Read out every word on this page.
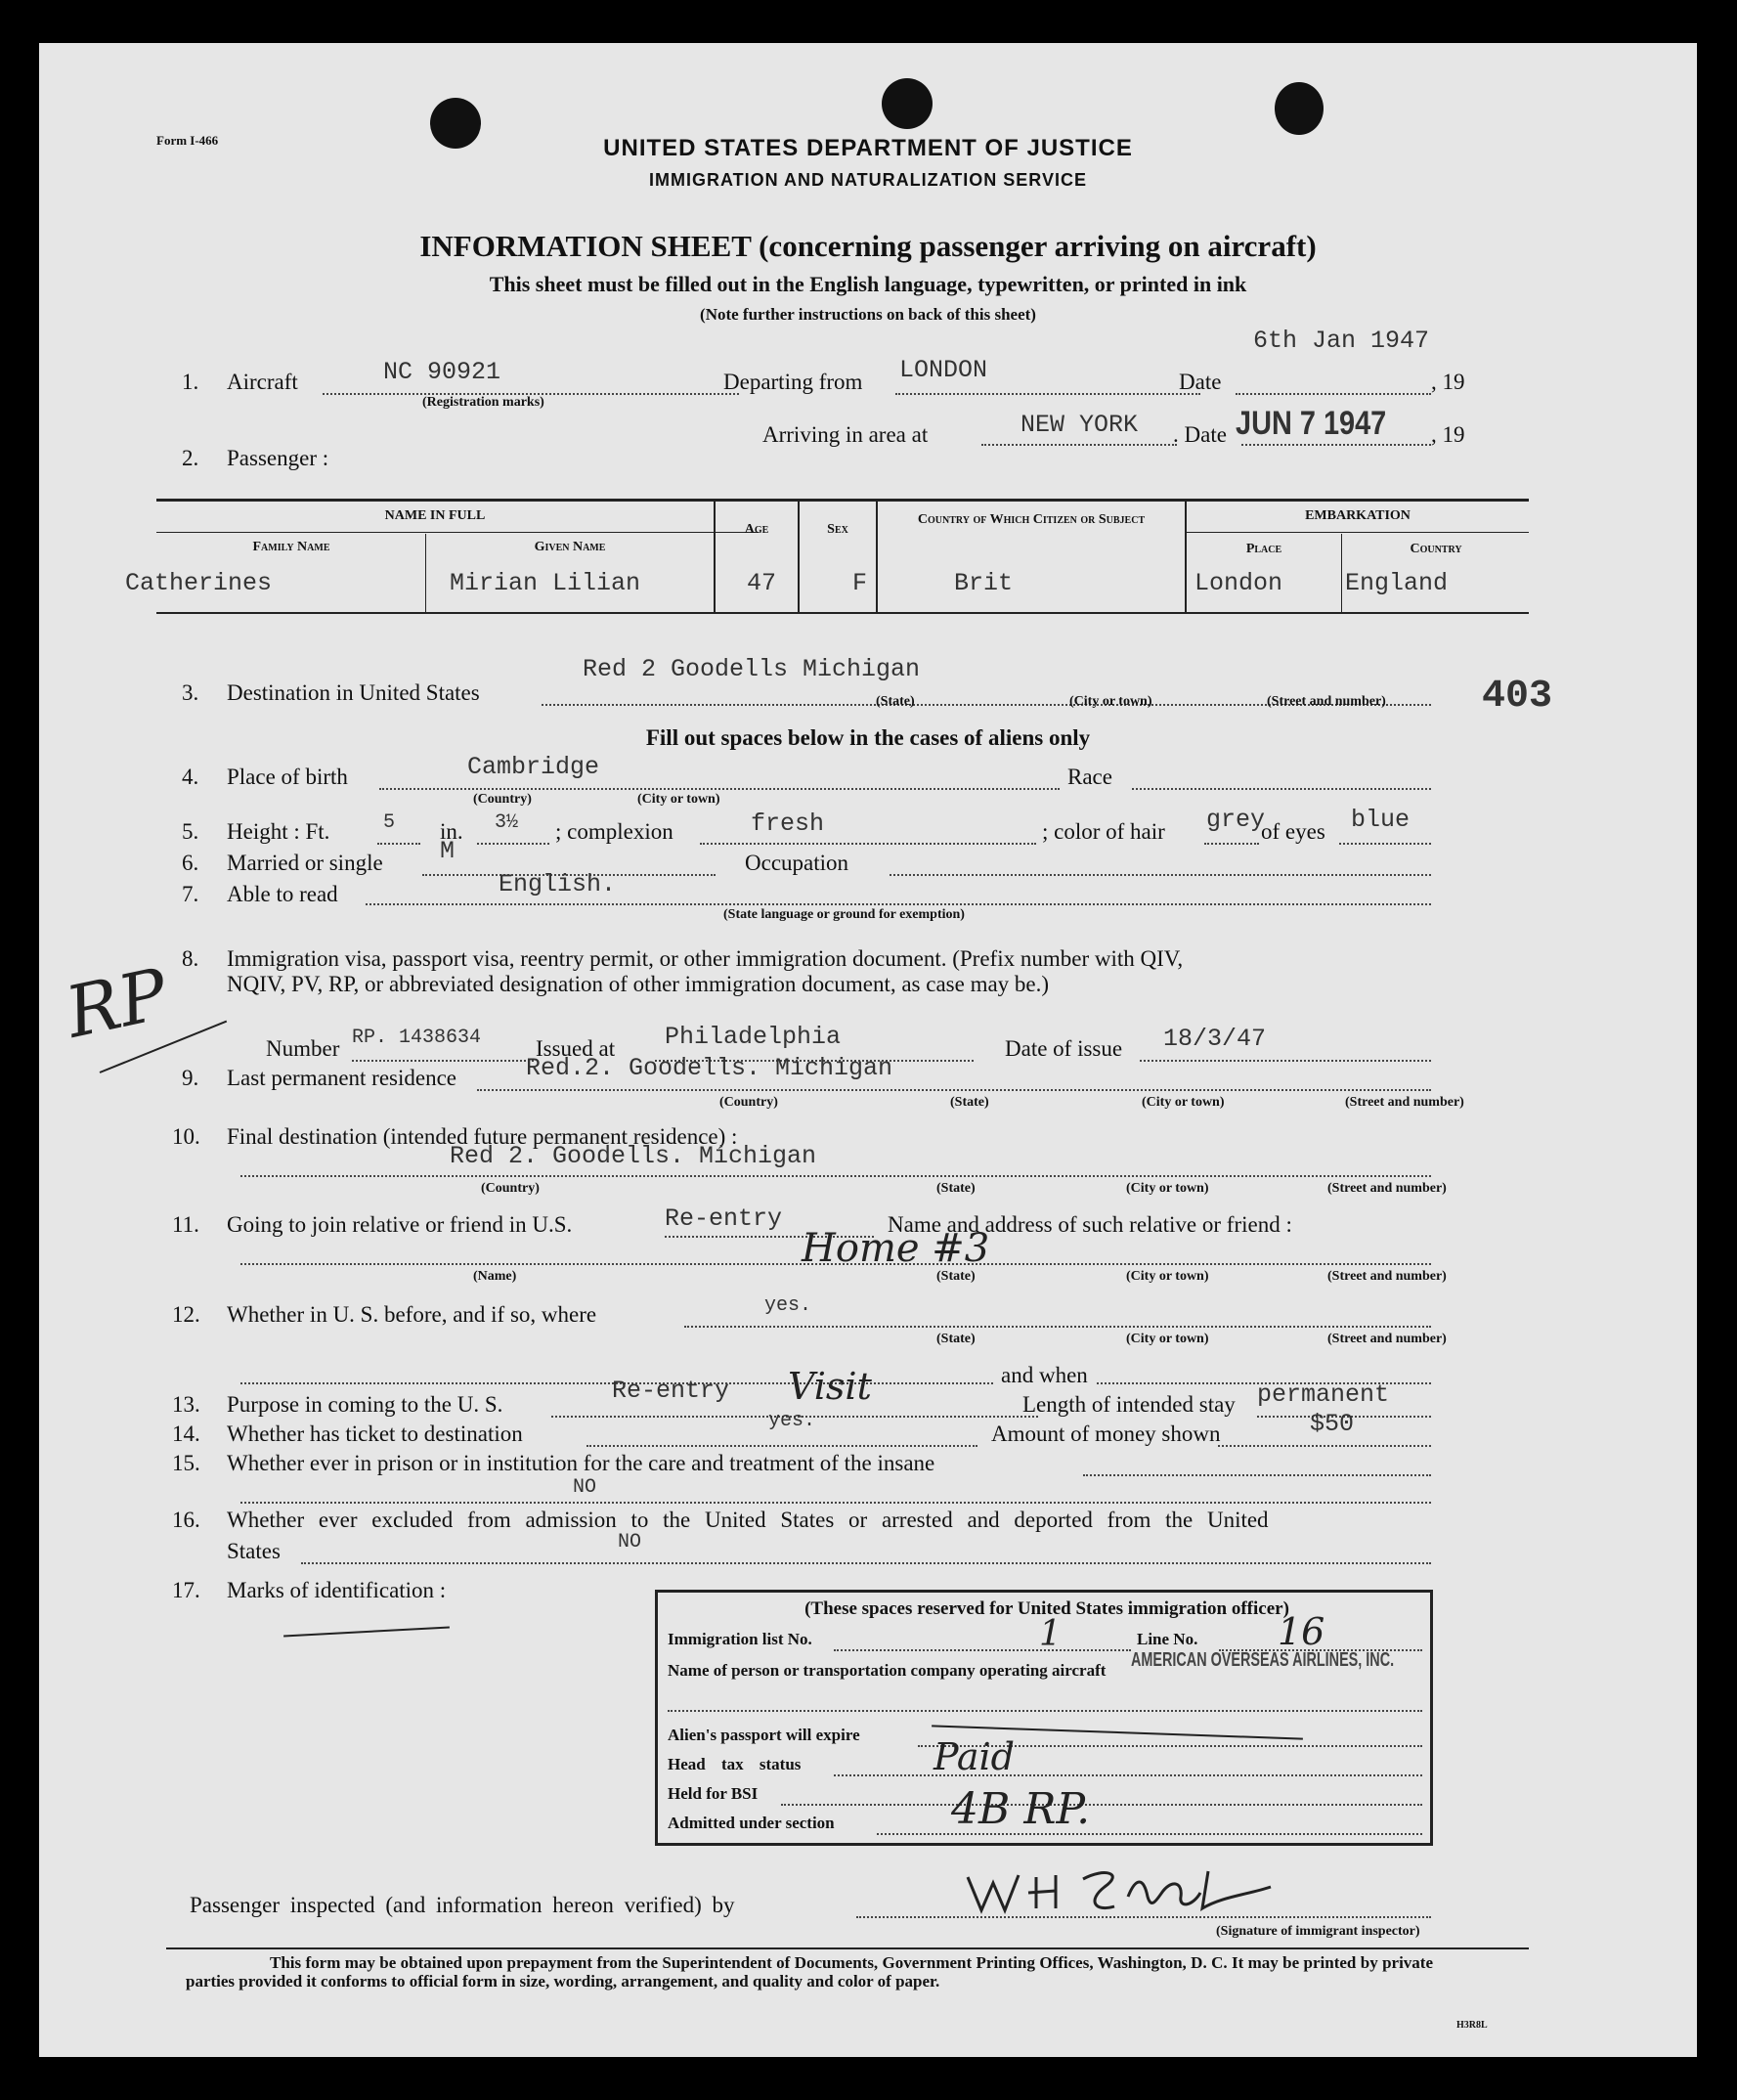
Form I-466	UNITED STATES DEPARTMENT OF JUSTICE
IMMIGRATION AND NATURALIZATION SERVICE
INFORMATION SHEET (concerning passenger arriving on aircraft)
This sheet must be filled out in the English language, typewritten, or printed in ink
(Note further instructions on back of this sheet)
6th Jan 1947
1. Aircraft	NC 90921
(Registration marks)
Departing from LONDON	Date	, 19
Arriving in area at	NEW YORK . Date JUN 7 1947 , 19
2. Passenger :
NAME IN FULL
Family Name	Given Name
Age	Sex
Country of Which Citizen or Subject	EMBARKATION
Place	Country
Catherines	Mirian Lilian	47	F	Brit	London	England
3. Destination in United States
Red 2 Goodells Michigan
(State)	(City or town)	(Street and number) 403
Fill out spaces below in the cases of aliens only
4. Place of birth	Cambridge
(Country)	(City or town)
Race
5. Height : Ft.	5 in. 3½ ; complexion	fresh	; color of hair grey
of eyes blue
6. Married or single M	Occupation
7. Able to read	English.
(State language or ground for exemption)
RP 8. Immigration visa, passport visa, reentry permit, or other immigration document. (Prefix number with QIV,
NQIV, PV, RP, or abbreviated designation of other immigration document, as case may be.)
Number RP. 1438634 Issued at Philadelphia	Date of issue 18/3/47
9. Last permanent residence	Red.2. Goodells. Michigan
(Country)	(State)	(City or town)	(Street and number)
10. Final destination (intended future permanent residence) :
Red 2. Goodells. Michigan
(Country)	(State)	(City or town)	(Street and number)
11. Going to join relative or friend in U.S.	Re-entry	Name and address of such relative or friend :
Home #3
(Name)	(State)	(City or town)	(Street and number)
12. Whether in U. S. before, and if so, where	yes.
(State)	(City or town)	(Street and number)
and when
13. Purpose in coming to the U. S.	Re-entry Visit	Length of intended stay permanent
14. Whether has ticket to destination
yes.
Amount of money shown	$50
15. Whether ever in prison or in institution for the care and treatment of the insane
NO
16. Whether ever excluded from admission to the United States or arrested and deported from the United
States	NO
17. Marks of identification :
(These spaces reserved for United States immigration officer)
Immigration list No.	1	Line No. 16
Name of person or transportation company operating aircraft AMERICAN OVERSEAS AIRLINES, INC.
Alien's passport will expire
Head tax status	Paid
Held for BSI
Admitted under section	4B RP.
Passenger inspected (and information hereon verified) by
(Signature of immigrant inspector)
This form may be obtained upon prepayment from the Superintendent of Documents, Government Printing Offices, Washington, D. C. It may be printed by private parties provided it conforms to official form in size, wording, arrangement, and quality and color of paper.
H3R8L
